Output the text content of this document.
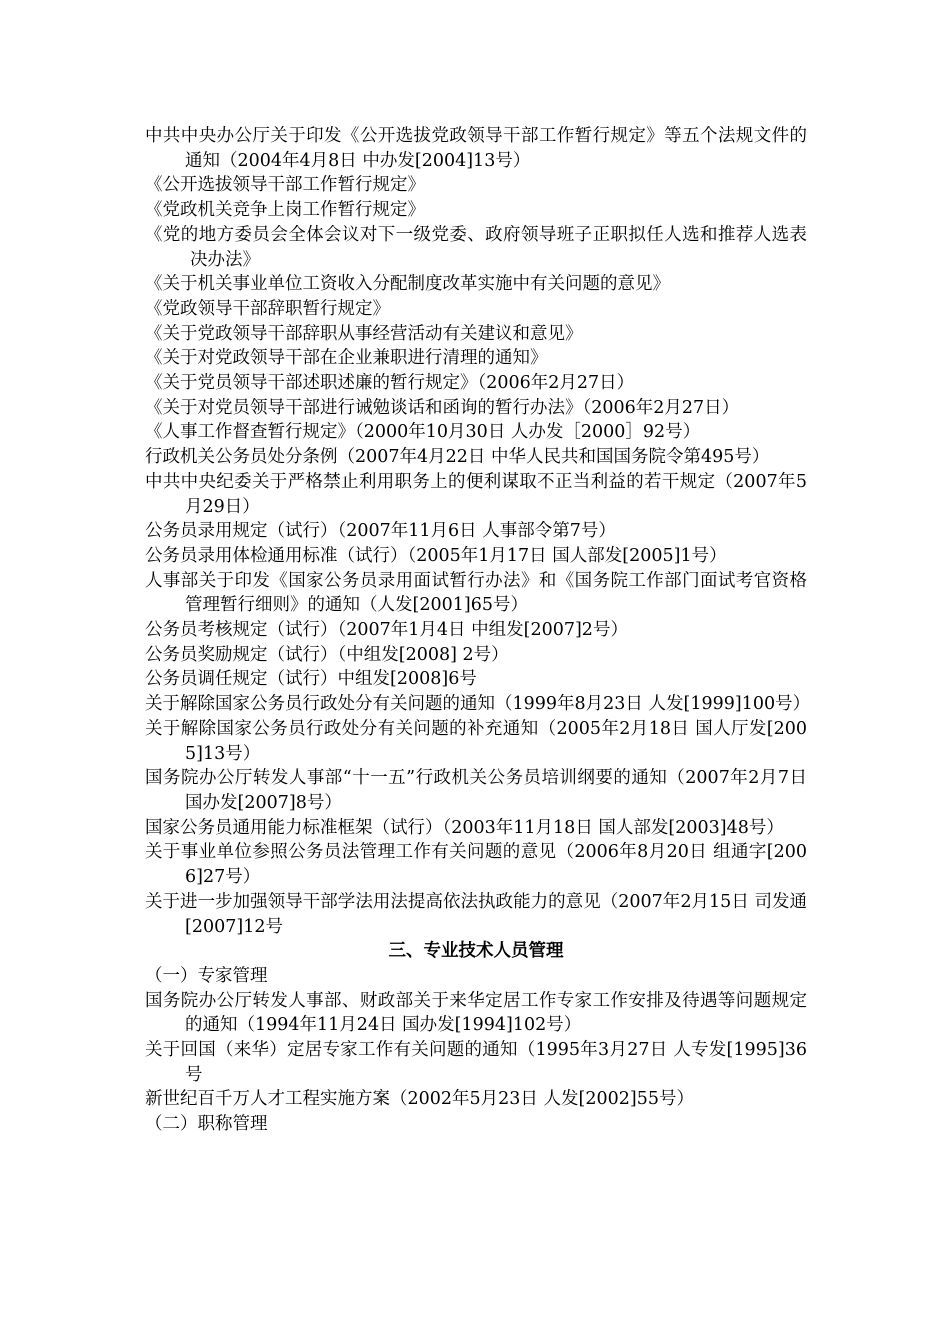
中共中央办公厅关于印发《公开选拔党政领导干部工作暂行规定》等五个法规文件的通知（2004年4月8日 中办发[2004]13号）

《公开选拔领导干部工作暂行规定》

《党政机关竞争上岗工作暂行规定》

《党的地方委员会全体会议对下一级党委、政府领导班子正职拟任人选和推荐人选表决办法》

《关于机关事业单位工资收入分配制度改革实施中有关问题的意见》

《党政领导干部辞职暂行规定》

《关于党政领导干部辞职从事经营活动有关建议和意见》

《关于对党政领导干部在企业兼职进行清理的通知》

《关于党员领导干部述职述廉的暂行规定》（2006年2月27日）

《关于对党员领导干部进行诫勉谈话和函询的暂行办法》（2006年2月27日）

《人事工作督查暂行规定》（2000年10月30日 人办发［2000］92号）

行政机关公务员处分条例（2007年4月22日 中华人民共和国国务院令第495号）

中共中央纪委关于严格禁止利用职务上的便利谋取不正当利益的若干规定（2007年5月29日）

公务员录用规定（试行）（2007年11月6日 人事部令第7号）

公务员录用体检通用标准（试行）（2005年1月17日 国人部发[2005]1号）

人事部关于印发《国家公务员录用面试暂行办法》和《国务院工作部门面试考官资格管理暂行细则》的通知（人发[2001]65号）

公务员考核规定（试行）（2007年1月4日 中组发[2007]2号）

公务员奖励规定（试行）（中组发[2008] 2号）

公务员调任规定（试行）中组发[2008]6号

关于解除国家公务员行政处分有关问题的通知（1999年8月23日 人发[1999]100号）

关于解除国家公务员行政处分有关问题的补充通知（2005年2月18日 国人厅发[2005]13号）

国务院办公厅转发人事部“十一五”行政机关公务员培训纲要的通知（2007年2月7日 国办发[2007]8号）

国家公务员通用能力标准框架（试行）（2003年11月18日 国人部发[2003]48号）

关于事业单位参照公务员法管理工作有关问题的意见（2006年8月20日 组通字[2006]27号）

关于进一步加强领导干部学法用法提高依法执政能力的意见（2007年2月15日 司发通[2007]12号

三、专业技术人员管理

（一）专家管理

国务院办公厅转发人事部、财政部关于来华定居工作专家工作安排及待遇等问题规定的通知（1994年11月24日 国办发[1994]102号）

关于回国（来华）定居专家工作有关问题的通知（1995年3月27日 人专发[1995]36号

新世纪百千万人才工程实施方案（2002年5月23日 人发[2002]55号）

（二）职称管理
